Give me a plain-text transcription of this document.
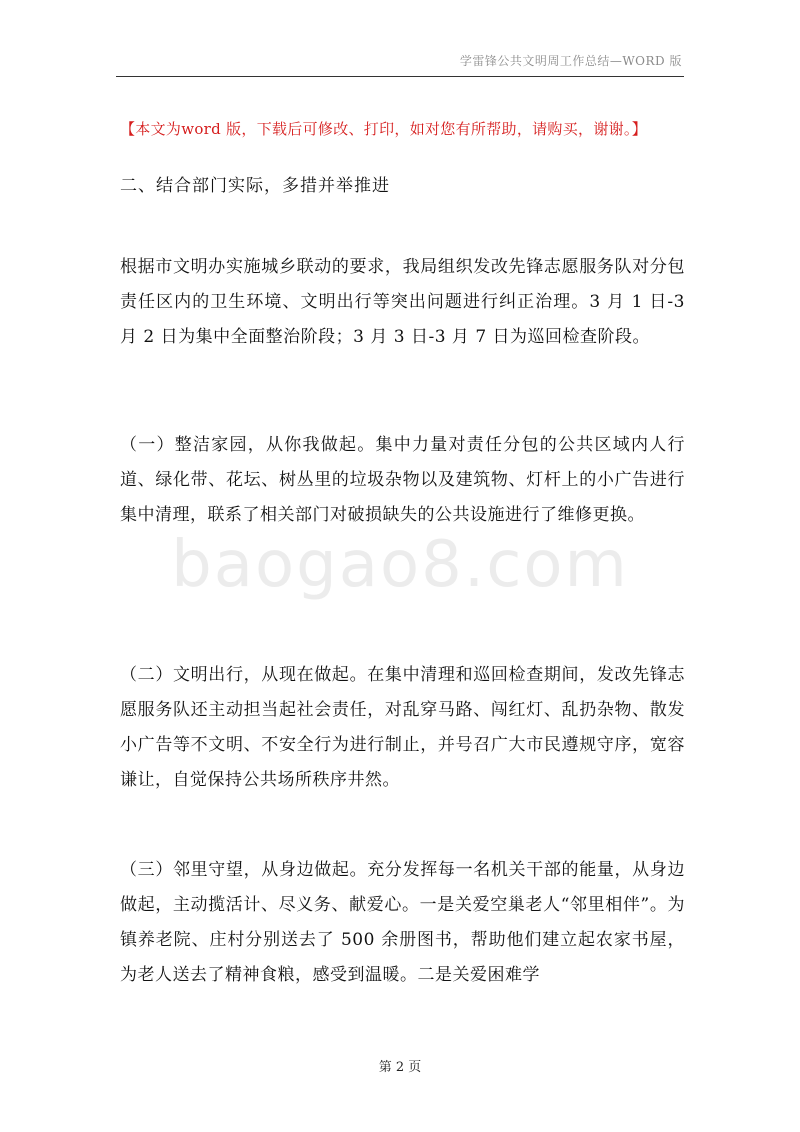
学雷锋公共文明周工作总结—WORD 版
【本文为word 版，下载后可修改、打印，如对您有所帮助，请购买，谢谢。】
二、结合部门实际，多措并举推进
根据市文明办实施城乡联动的要求，我局组织发改先锋志愿服务队对分包责任区内的卫生环境、文明出行等突出问题进行纠正治理。3 月 1 日-3 月 2 日为集中全面整治阶段；3 月 3 日-3 月 7 日为巡回检查阶段。
（一）整洁家园，从你我做起。集中力量对责任分包的公共区域内人行道、绿化带、花坛、树丛里的垃圾杂物以及建筑物、灯杆上的小广告进行集中清理，联系了相关部门对破损缺失的公共设施进行了维修更换。
（二）文明出行，从现在做起。在集中清理和巡回检查期间，发改先锋志愿服务队还主动担当起社会责任，对乱穿马路、闯红灯、乱扔杂物、散发小广告等不文明、不安全行为进行制止，并号召广大市民遵规守序，宽容谦让，自觉保持公共场所秩序井然。
（三）邻里守望，从身边做起。充分发挥每一名机关干部的能量，从身边做起，主动揽活计、尽义务、献爱心。一是关爱空巢老人“邻里相伴”。为镇养老院、庄村分别送去了 500 余册图书，帮助他们建立起农家书屋，为老人送去了精神食粮，感受到温暖。二是关爱困难学
baogao8.com
第 2 页
